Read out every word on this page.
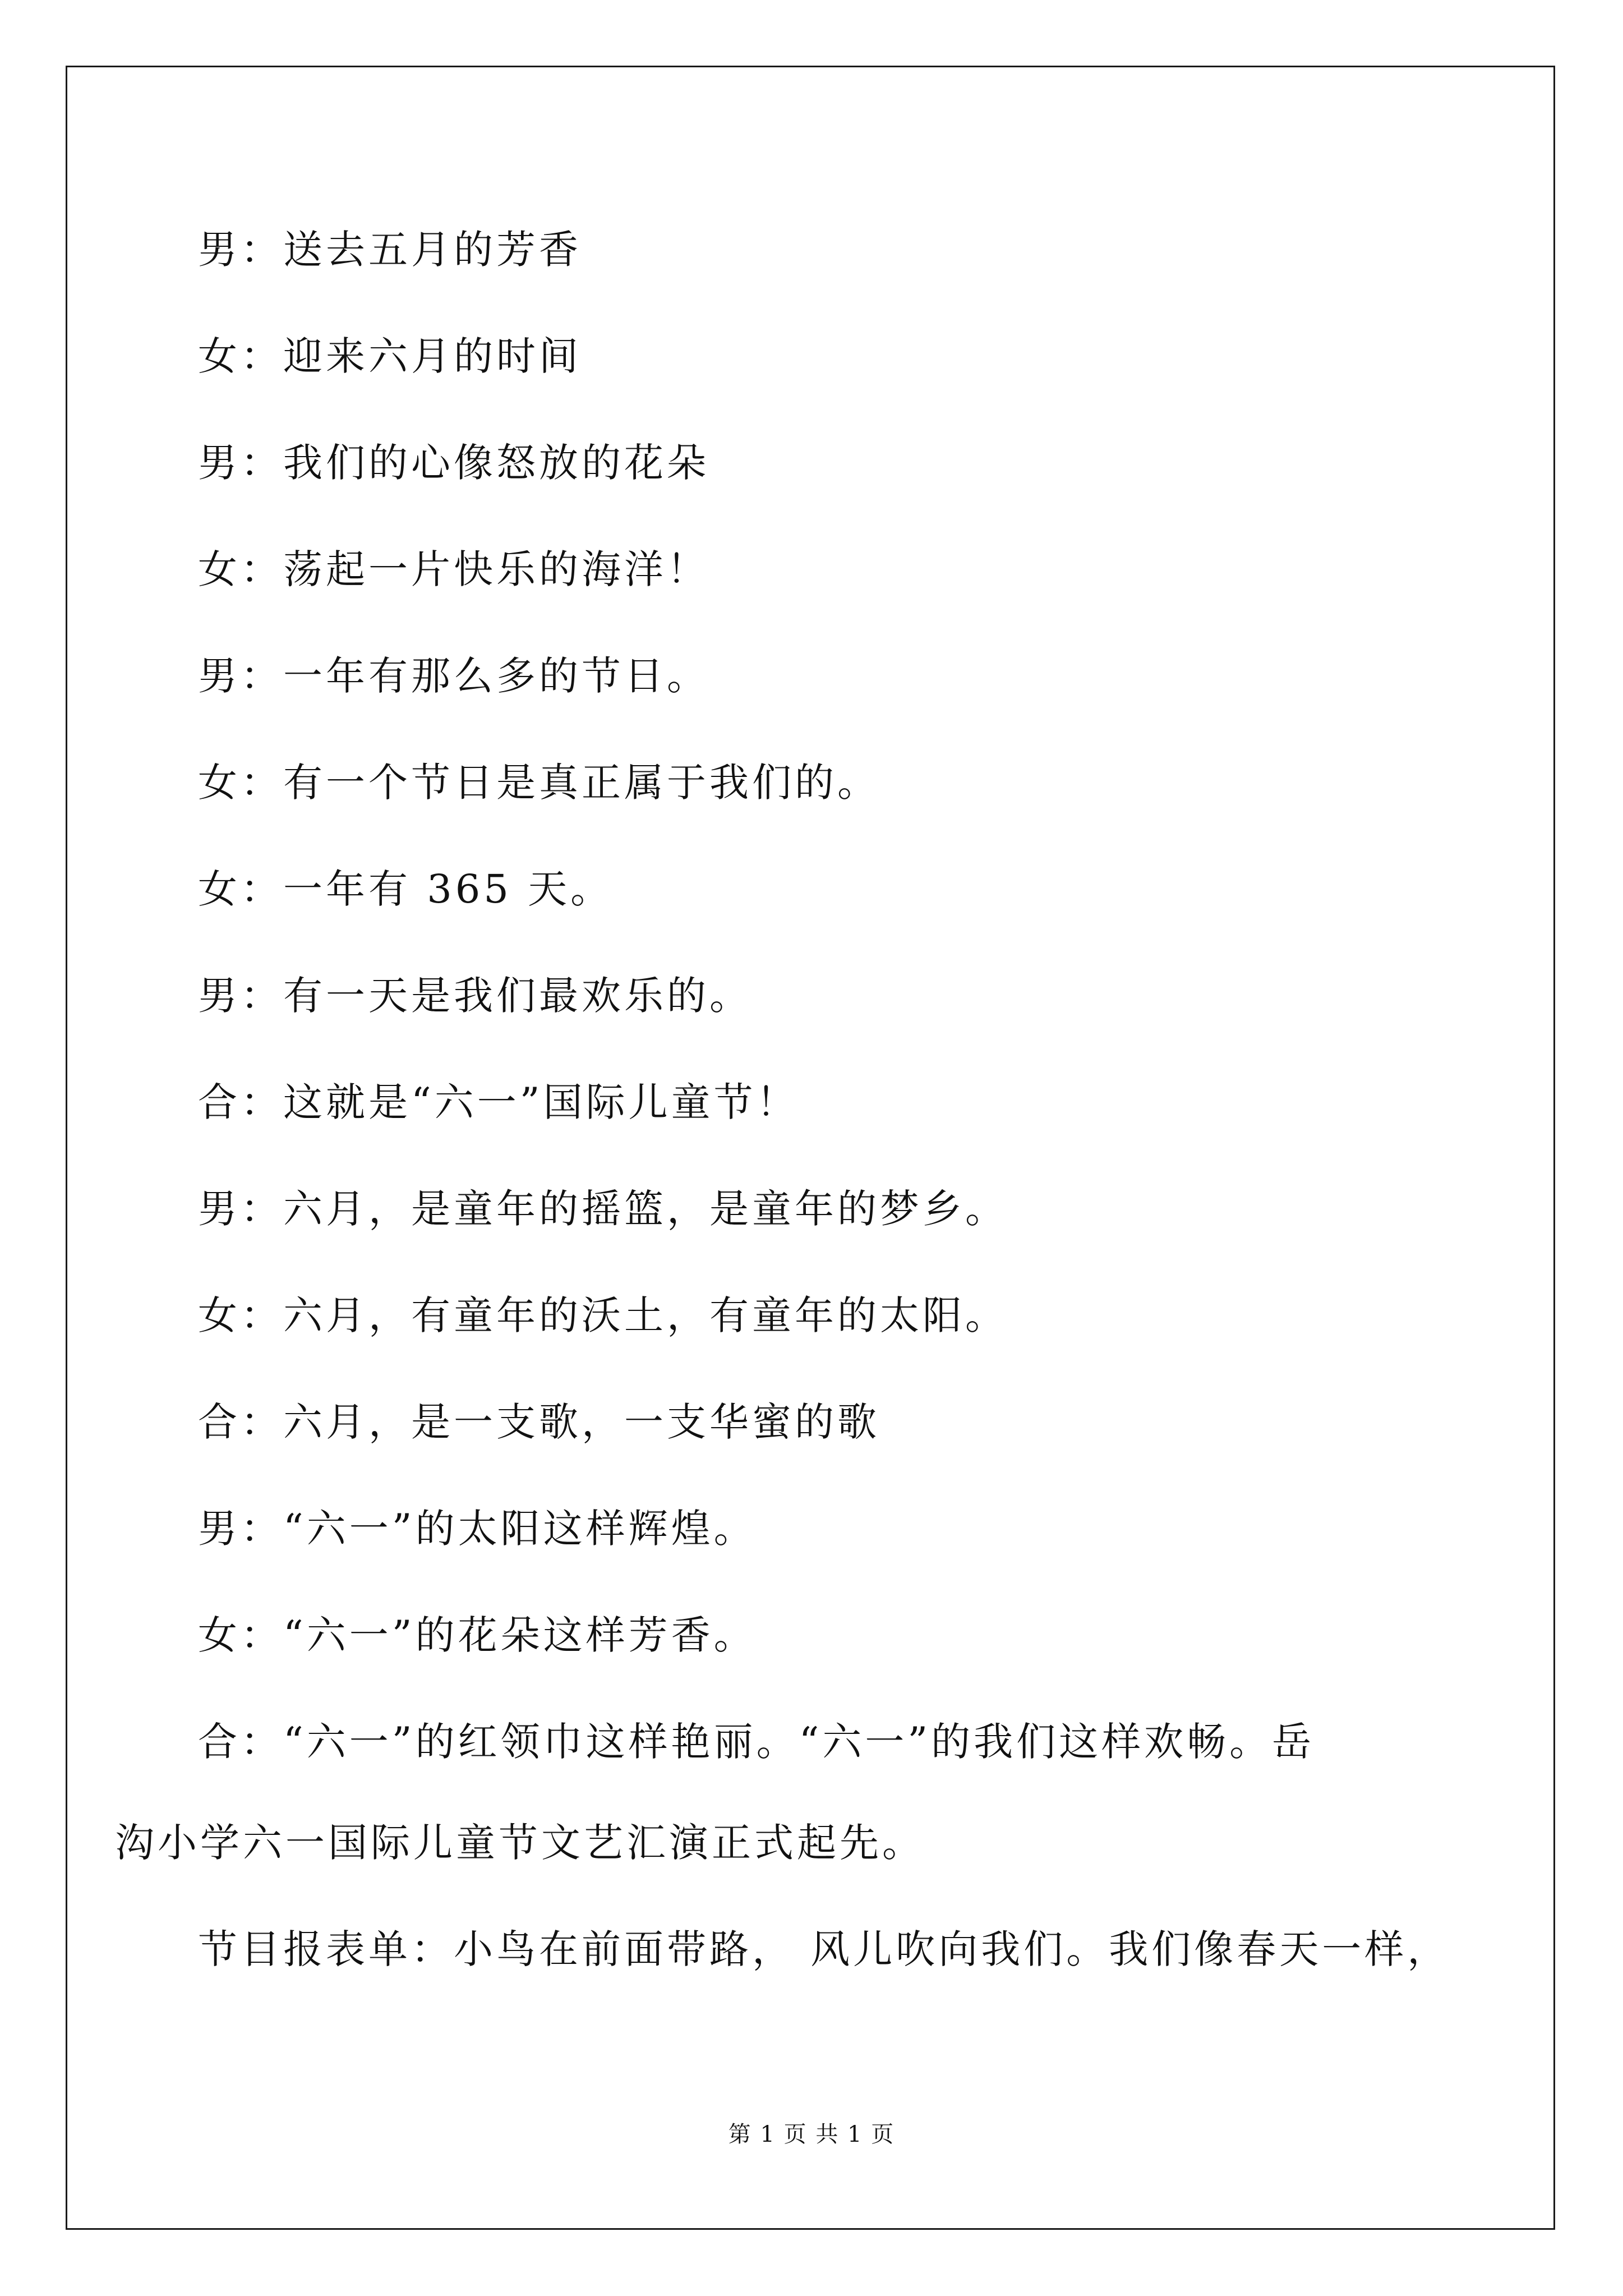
男：送去五月的芳香
女：迎来六月的时间
男：我们的心像怒放的花朵
女：荡起一片快乐的海洋！
男：一年有那么多的节日。
女：有一个节日是真正属于我们的。
女：一年有 365 天。
男：有一天是我们最欢乐的。
合：这就是“六一”国际儿童节！
男：六月，是童年的摇篮，是童年的梦乡。
女：六月，有童年的沃土，有童年的太阳。
合：六月，是一支歌，一支华蜜的歌
男：“六一”的太阳这样辉煌。
女：“六一”的花朵这样芳香。
合：“六一”的红领巾这样艳丽。“六一”的我们这样欢畅。岳
沟小学六一国际儿童节文艺汇演正式起先。
节目报表单：小鸟在前面带路， 风儿吹向我们。我们像春天一样，
第 1 页 共 1 页
